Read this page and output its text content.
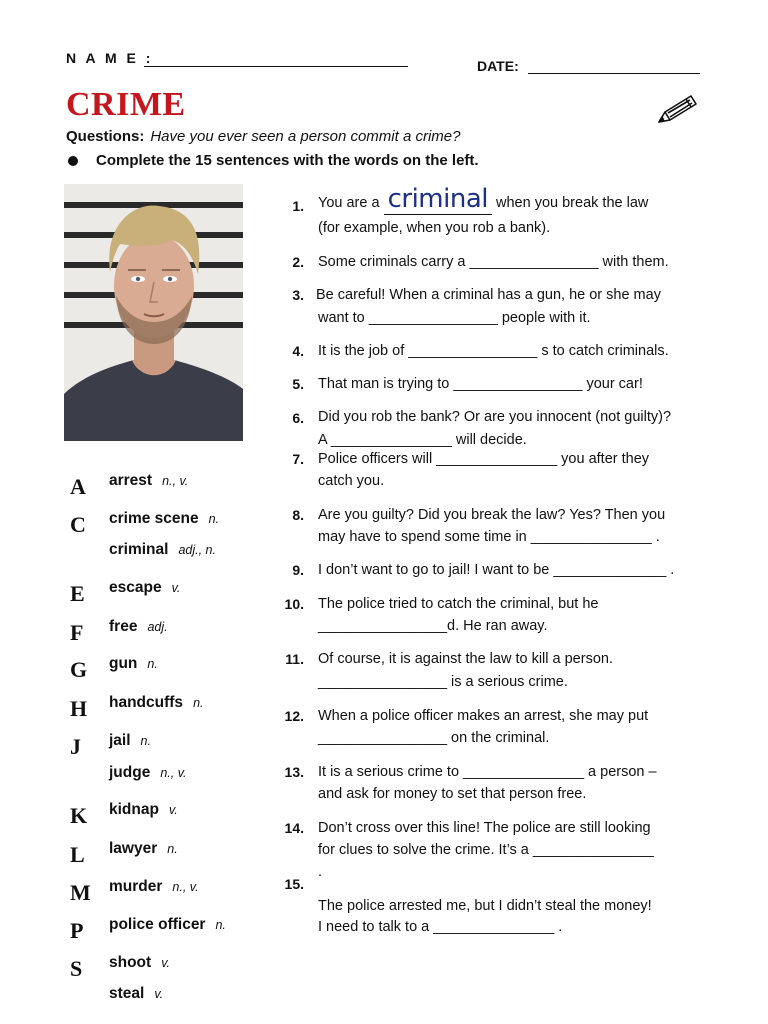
N A M E :	DATE:
CRIME
Questions: Have you ever seen a person commit a crime?
Complete the 15 sentences with the words on the left.
A arrest n., v.
C crime scene n.
criminal adj., n.
E escape v.
F free adj.
G gun n.
H handcuffs n.
J jail n.
judge n., v.
K kidnap v.
L lawyer n.
M murder n., v.
P police officer n.
S shoot v.
steal v.
1. You are a criminal when you break the law
(for example, when you rob a bank).
2. Some criminals carry a ________________ with them.
3. Be careful! When a criminal has a gun, he or she may
want to ________________ people with it.
4. It is the job of ________________ s to catch criminals.
5. That man is trying to ________________ your car!
6. Did you rob the bank? Or are you innocent (not guilty)?
A _______________ will decide.
7. Police officers will _______________ you after they
catch you.
8. Are you guilty? Did you break the law? Yes? Then you
may have to spend some time in _______________ .
9. I don’t want to go to jail! I want to be ______________ .
10. The police tried to catch the criminal, but he
________________d. He ran away.
11. Of course, it is against the law to kill a person.
________________ is a serious crime.
12. When a police officer makes an arrest, she may put
________________ on the criminal.
13. It is a serious crime to _______________ a person –
and ask for money to set that person free.
14. Don’t cross over this line! The police are still looking
for clues to solve the crime. It’s a _______________
.
15.
The police arrested me, but I didn’t steal the money!
I need to talk to a _______________ .
